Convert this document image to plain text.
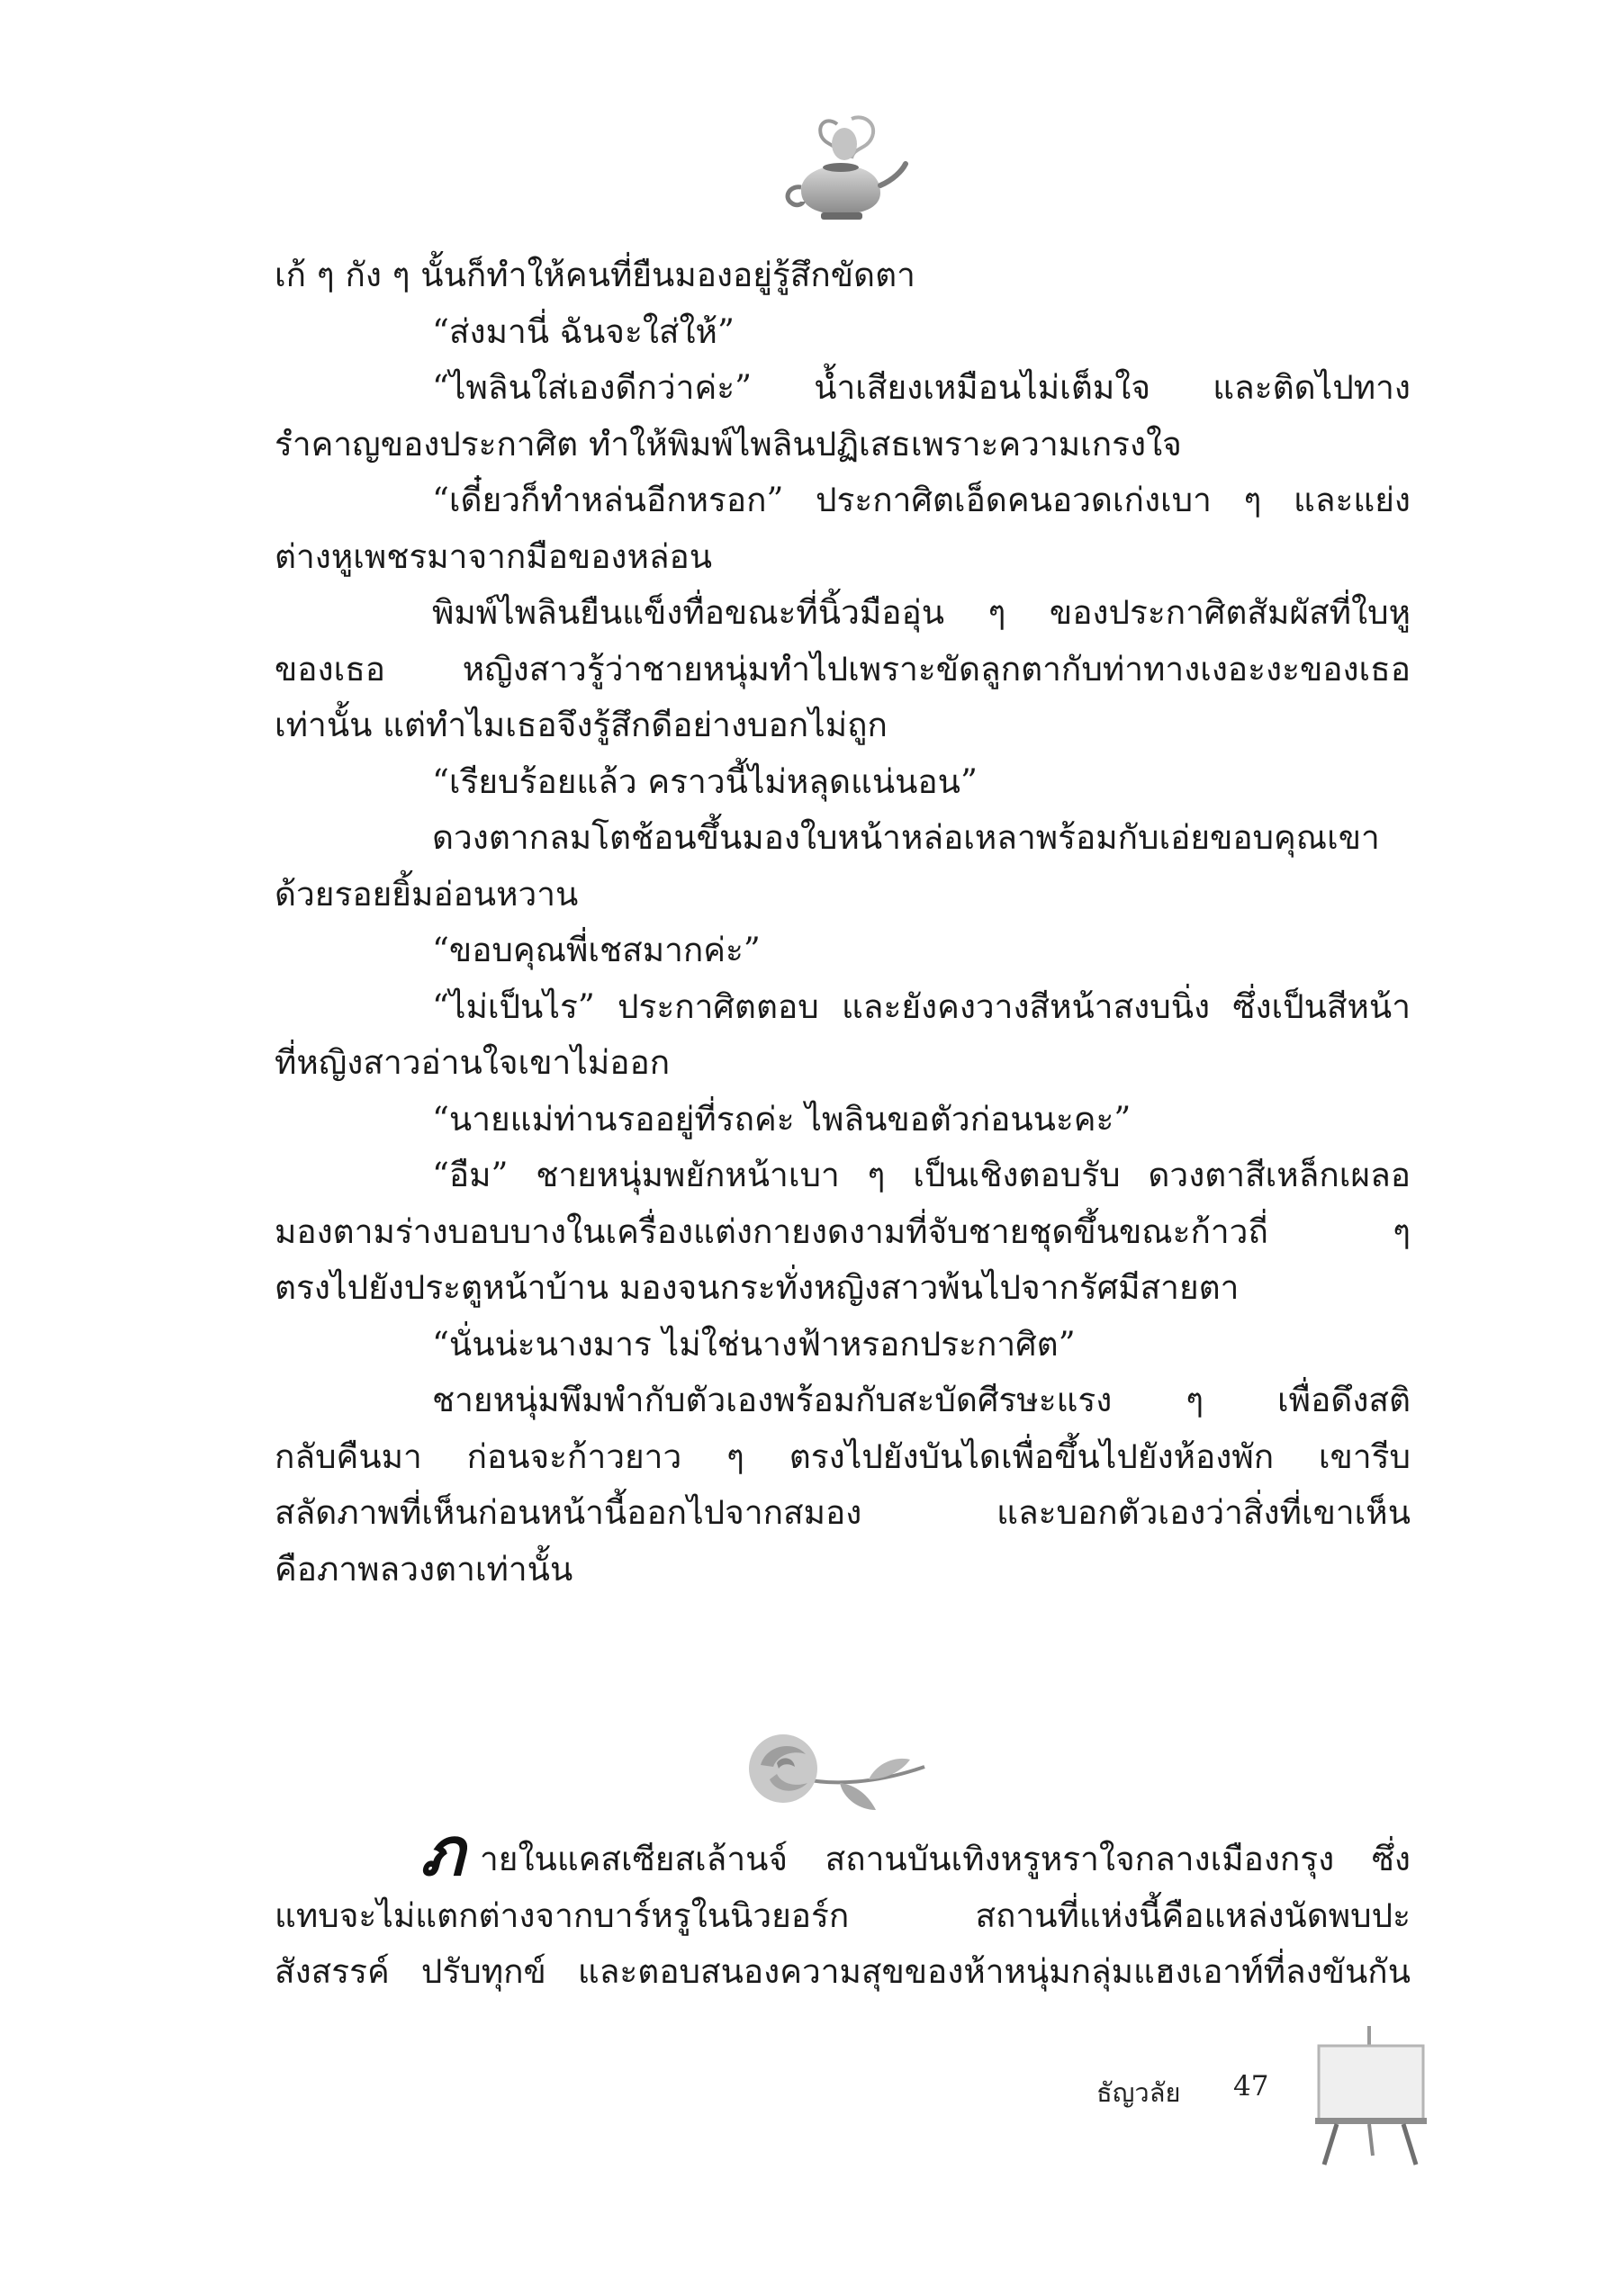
เก้ ๆ กัง ๆ นั้นก็ทำให้คนที่ยืนมองอยู่รู้สึกขัดตา
“ส่งมานี่ ฉันจะใส่ให้”
“ไพลินใส่เองดีกว่าค่ะ” น้ำเสียงเหมือนไม่เต็มใจ และติดไปทาง
รำคาญของประกาศิต ทำให้พิมพ์ไพลินปฏิเสธเพราะความเกรงใจ
“เดี๋ยวก็ทำหล่นอีกหรอก” ประกาศิตเอ็ดคนอวดเก่งเบา ๆ และแย่ง
ต่างหูเพชรมาจากมือของหล่อน
พิมพ์ไพลินยืนแข็งทื่อขณะที่นิ้วมืออุ่น ๆ ของประกาศิตสัมผัสที่ใบหู
ของเธอ หญิงสาวรู้ว่าชายหนุ่มทำไปเพราะขัดลูกตากับท่าทางเงอะงะของเธอ
เท่านั้น แต่ทำไมเธอจึงรู้สึกดีอย่างบอกไม่ถูก
“เรียบร้อยแล้ว คราวนี้ไม่หลุดแน่นอน”
ดวงตากลมโตช้อนขึ้นมองใบหน้าหล่อเหลาพร้อมกับเอ่ยขอบคุณเขา
ด้วยรอยยิ้มอ่อนหวาน
“ขอบคุณพี่เชสมากค่ะ”
“ไม่เป็นไร” ประกาศิตตอบ และยังคงวางสีหน้าสงบนิ่ง ซึ่งเป็นสีหน้า
ที่หญิงสาวอ่านใจเขาไม่ออก
“นายแม่ท่านรออยู่ที่รถค่ะ ไพลินขอตัวก่อนนะคะ”
“อืม” ชายหนุ่มพยักหน้าเบา ๆ เป็นเชิงตอบรับ ดวงตาสีเหล็กเผลอ
มองตามร่างบอบบางในเครื่องแต่งกายงดงามที่จับชายชุดขึ้นขณะก้าวถี่ ๆ
ตรงไปยังประตูหน้าบ้าน มองจนกระทั่งหญิงสาวพ้นไปจากรัศมีสายตา
“นั่นน่ะนางมาร ไม่ใช่นางฟ้าหรอกประกาศิต”
ชายหนุ่มพึมพำกับตัวเองพร้อมกับสะบัดศีรษะแรง ๆ เพื่อดึงสติ
กลับคืนมา ก่อนจะก้าวยาว ๆ ตรงไปยังบันไดเพื่อขึ้นไปยังห้องพัก เขารีบ
สลัดภาพที่เห็นก่อนหน้านี้ออกไปจากสมอง และบอกตัวเองว่าสิ่งที่เขาเห็น
คือภาพลวงตาเท่านั้น
ภ ายในแคสเซียสเล้านจ์ สถานบันเทิงหรูหราใจกลางเมืองกรุง ซึ่ง
แทบจะไม่แตกต่างจากบาร์หรูในนิวยอร์ก สถานที่แห่งนี้คือแหล่งนัดพบปะ
สังสรรค์ ปรับทุกข์ และตอบสนองความสุขของห้าหนุ่มกลุ่มแฮงเอาท์ที่ลงขันกัน
ธัญวลัย 47
